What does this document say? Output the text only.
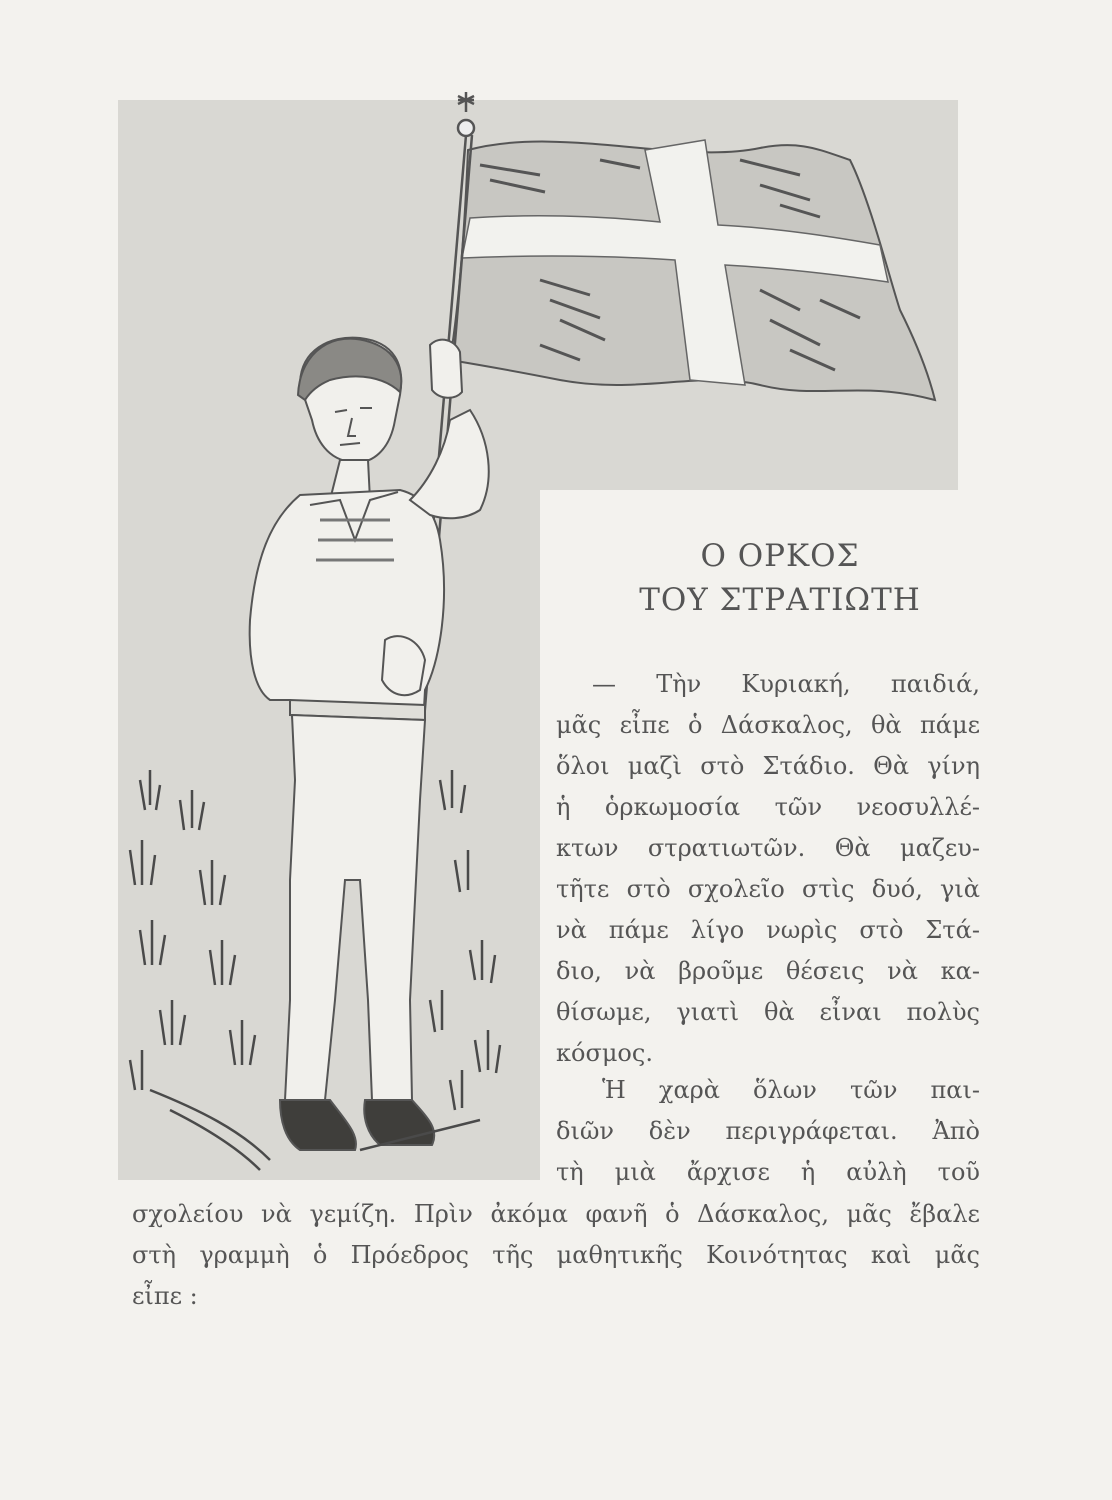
Ο ΟΡΚΟΣ
ΤΟΥ ΣΤΡΑΤΙΩΤΗ
— Τὴν Κυριακή, παιδιά,
μᾶς εἶπε ὁ Δάσκαλος, θὰ πάμε
ὅλοι μαζὶ στὸ Στάδιο. Θὰ γίνη
ἡ ὁρκωμοσία τῶν νεοσυλλέ-
κτων στρατιωτῶν. Θὰ μαζευ-
τῆτε στὸ σχολεῖο στὶς δυό, γιὰ
νὰ πάμε λίγο νωρὶς στὸ Στά-
διο, νὰ βροῦμε θέσεις νὰ κα-
θίσωμε, γιατὶ θὰ εἶναι πολὺς
κόσμος.
Ἡ χαρὰ ὅλων τῶν παι-
διῶν δὲν περιγράφεται. Ἀπὸ
τὴ μιὰ ἄρχισε ἡ αὐλὴ τοῦ
σχολείου νὰ γεμίζη. Πρὶν ἀκόμα φανῆ ὁ Δάσκαλος, μᾶς ἔβαλε
στὴ γραμμὴ ὁ Πρόεδρος τῆς μαθητικῆς Κοινότητας καὶ μᾶς
εἶπε :
